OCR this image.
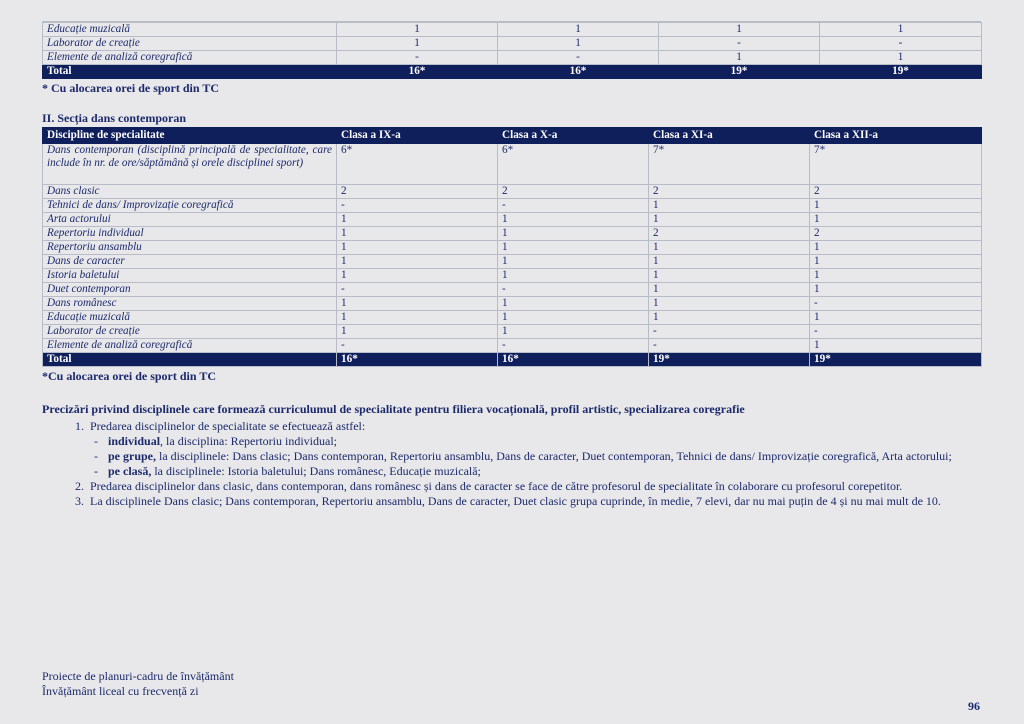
Educație muzicală	1	1	1	1
Laborator de creație	1	1	-	-
Elemente de analiză coregrafică	-	-	1	1
Total	16*	16*	19*	19*
* Cu alocarea orei de sport din TC
II. Secția dans contemporan
Discipline de specialitate	Clasa a IX-a	Clasa a X-a	Clasa a XI-a	Clasa a XII-a
Dans contemporan (disciplină principală de specialitate, care include în nr. de ore/săptămână și orele disciplinei sport)	6*	6*	7*	7*
Dans clasic	2	2	2	2
Tehnici de dans/ Improvizație coregrafică	-	-	1	1
Arta actorului	1	1	1	1
Repertoriu individual	1	1	2	2
Repertoriu ansamblu	1	1	1	1
Dans de caracter	1	1	1	1
Istoria baletului	1	1	1	1
Duet contemporan	-	-	1	1
Dans românesc	1	1	1	-
Educație muzicală	1	1	1	1
Laborator de creație	1	1	-	-
Elemente de analiză coregrafică	-	-	-	1
Total	16*	16*	19*	19*
*Cu alocarea orei de sport din TC
Precizări privind disciplinele care formează curriculumul de specialitate pentru filiera vocațională, profil artistic, specializarea coregrafie
1. Predarea disciplinelor de specialitate se efectuează astfel:
- individual, la disciplina: Repertoriu individual;
- pe grupe, la disciplinele: Dans clasic; Dans contemporan, Repertoriu ansamblu, Dans de caracter, Duet contemporan, Tehnici de dans/ Improvizație coregrafică, Arta actorului;
- pe clasă, la disciplinele: Istoria baletului; Dans românesc, Educație muzicală;
2. Predarea disciplinelor dans clasic, dans contemporan, dans românesc și dans de caracter se face de către profesorul de specialitate în colaborare cu profesorul corepetitor.
3. La disciplinele Dans clasic; Dans contemporan, Repertoriu ansamblu, Dans de caracter, Duet clasic grupa cuprinde, în medie, 7 elevi, dar nu mai puțin de 4 și nu mai mult de 10.
Proiecte de planuri-cadru de învățământ
Învățământ liceal cu frecvență zi
96
